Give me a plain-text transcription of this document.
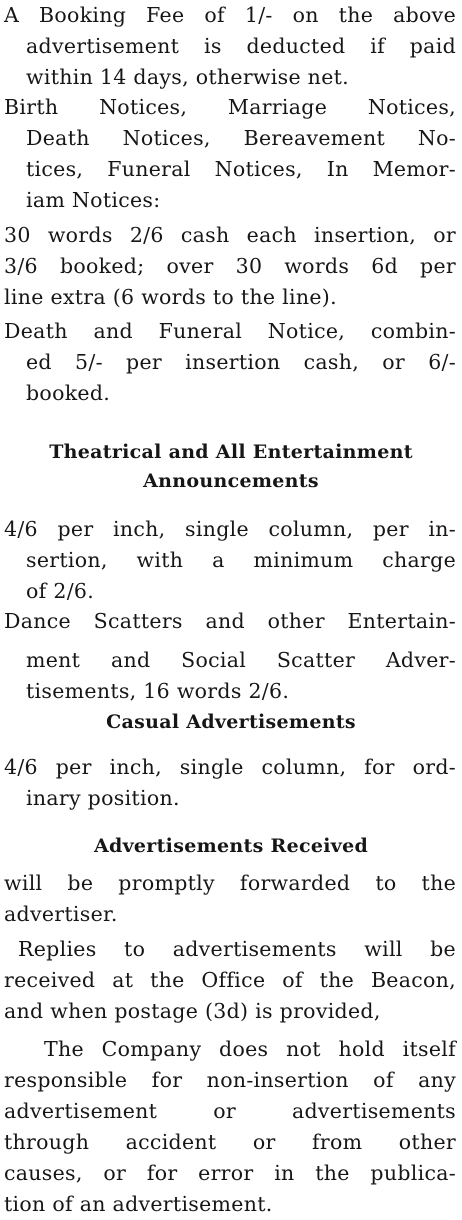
A Booking Fee of 1/- on the above
advertisement is deducted if paid
within 14 days, otherwise net.
Birth Notices, Marriage Notices,
Death Notices, Bereavement No-
tices, Funeral Notices, In Memor-
iam Notices:
30 words 2/6 cash each insertion, or
3/6 booked; over 30 words 6d per
line extra (6 words to the line).
Death and Funeral Notice, combin-
ed 5/- per insertion cash, or 6/-
booked.
Theatrical and All Entertainment
Announcements
4/6 per inch, single column, per in-
sertion, with a minimum charge
of 2/6.
Dance Scatters and other Entertain-
ment and Social Scatter Adver-
tisements, 16 words 2/6.
Casual Advertisements
4/6 per inch, single column, for ord-
inary position.
Advertisements Received
will be promptly forwarded to the
advertiser.
Replies to advertisements will be
received at the Office of the Beacon,
and when postage (3d) is provided,
The Company does not hold itself
responsible for non-insertion of any
advertisement or advertisements
through accident or from other
causes, or for error in the publica-
tion of an advertisement.
